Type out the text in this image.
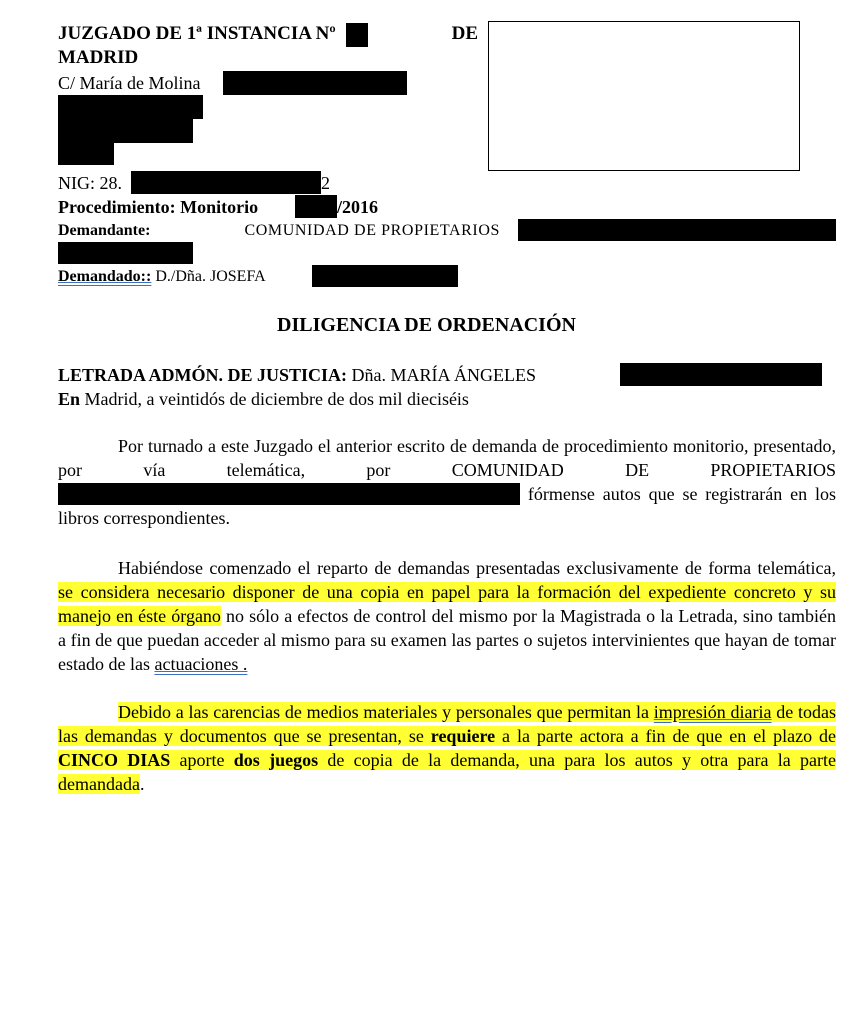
JUZGADO DE 1ª INSTANCIA Nº	DE
MADRID
C/ María de Molina
NIG: 28.	2
Procedimiento: Monitorio	/2016
Demandante:	COMUNIDAD DE PROPIETARIOS
Demandado:: D./Dña. JOSEFA
DILIGENCIA DE ORDENACIÓN
LETRADA ADMÓN. DE JUSTICIA: Dña. MARÍA ÁNGELES
En Madrid, a veintidós de diciembre de dos mil dieciséis
Por turnado a este Juzgado el anterior escrito de demanda de procedimiento monitorio, presentado, por vía telemática, por COMUNIDAD DE PROPIETARIOS  fórmense autos que se registrarán en los libros correspondientes.
Habiéndose comenzado el reparto de demandas presentadas exclusivamente de forma telemática, se considera necesario disponer de una copia en papel para la formación del expediente concreto y su manejo en éste órgano no sólo a efectos de control del mismo por la Magistrada o la Letrada, sino también a fin de que puedan acceder al mismo para su examen las partes o sujetos intervinientes que hayan de tomar estado de las actuaciones .
Debido a las carencias de medios materiales y personales que permitan la impresión diaria de todas las demandas y documentos que se presentan, se requiere a la parte actora a fin de que en el plazo de CINCO DIAS aporte dos juegos de copia de la demanda, una para los autos y otra para la parte demandada.
